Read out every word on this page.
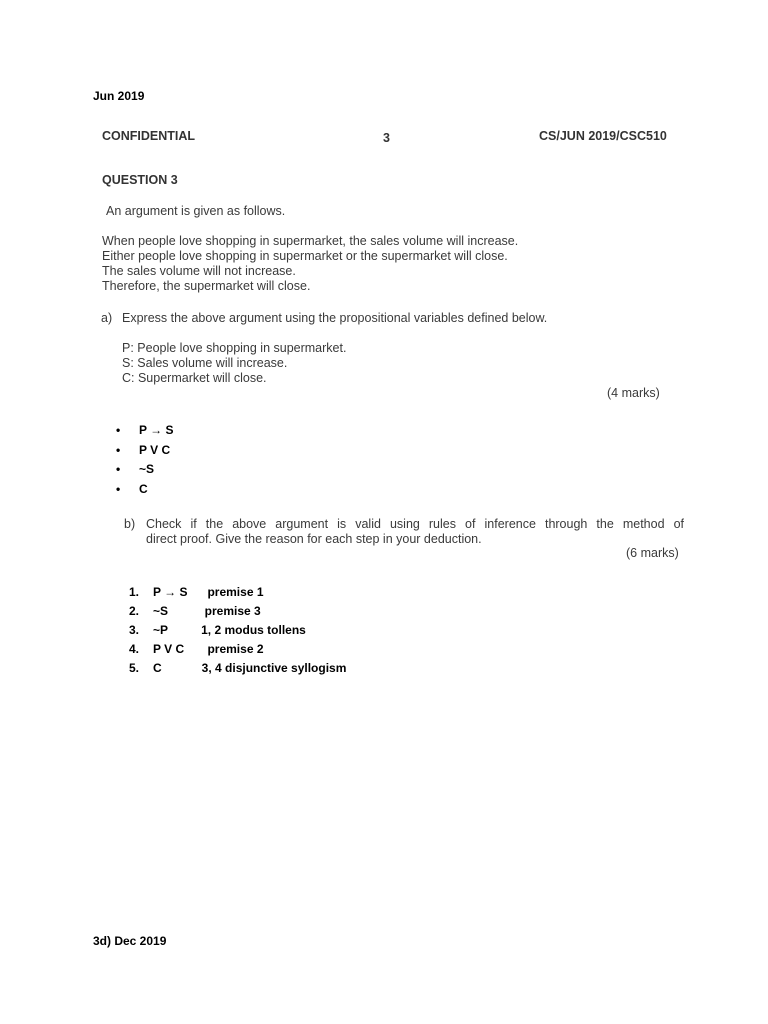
Jun 2019
CONFIDENTIAL	3	CS/JUN 2019/CSC510
QUESTION 3
An argument is given as follows.
When people love shopping in supermarket, the sales volume will increase.
Either people love shopping in supermarket or the supermarket will close.
The sales volume will not increase.
Therefore, the supermarket will close.
a) Express the above argument using the propositional variables defined below.
P: People love shopping in supermarket.
S: Sales volume will increase.
C: Supermarket will close.
(4 marks)
• P → S
• P V C
• ~S
• C
b) Check if the above argument is valid using rules of inference through the method of
direct proof. Give the reason for each step in your deduction.
(6 marks)
1. P → S      premise 1
2. ~S           premise 3
3. ~P          1, 2 modus tollens
4. P V C       premise 2
5. C            3, 4 disjunctive syllogism
3d) Dec 2019
